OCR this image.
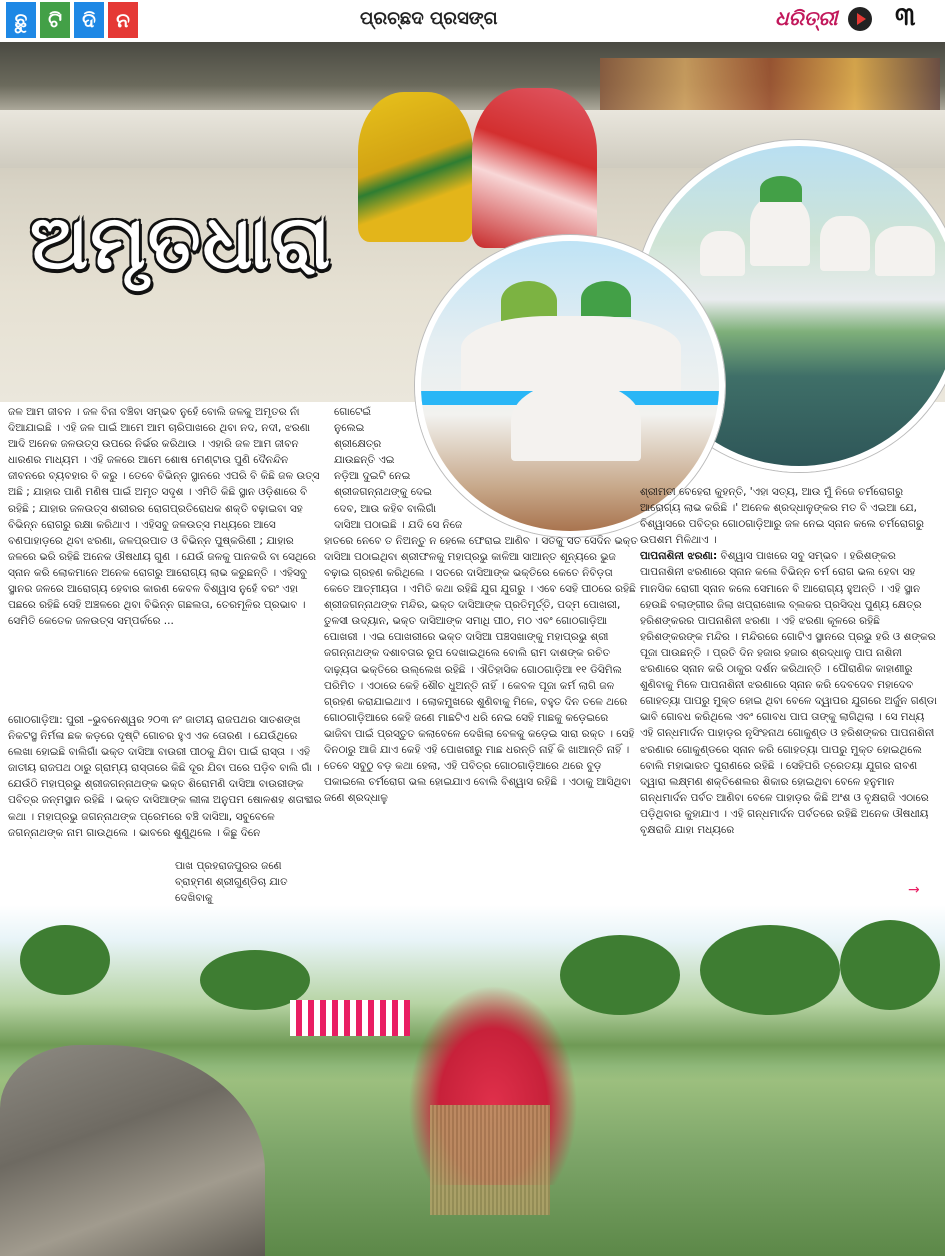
ଛୁ	ଟି	ଦି	ନ	ପ୍ରଚ୍ଛଦ ପ୍ରସଙ୍ଗ	ଧରିତ୍ରୀ ୩
ଅମୃତଧାରା

ଜଳ ଆମ ଜୀବନ । ଜଳ ବିନା ବଞ୍ଚିବା ସମ୍ଭବ ନୁହେଁ ବୋଲି ଜଳକୁ ଅମୃତର ନାଁ ଦିଆଯାଇଛି । ଏହି ଜଳ ପାଇଁ ଆମେ ଆମ ଚାରିପାଖରେ ଥିବା ନଦ, ନଦୀ, ଝରଣା ଆଦି ଅନେକ ଜଳଉତ୍ସ ଉପରେ ନିର୍ଭର କରିଥାଉ । ଏହାରି ଜଳ ଆମ ଜୀବନ ଧାରଣର ମାଧ୍ୟମ । ଏହି ଜଳରେ ଆମେ ଶୋଷ ମେଣ୍ଟାଉ ପୁଣି ଦୈନନ୍ଦିନ ଜୀବନରେ ବ୍ୟବହାର ବି କରୁ । ତେବେ ବିଭିନ୍ନ ସ୍ଥାନରେ ଏପରି ବି କିଛି ଜଳ ଉତ୍ସ ଅଛି ; ଯାହାର ପାଣି ମଣିଷ ପାଇଁ ଅମୃତ ସଦୃଶ । ଏମିତି କିଛି ସ୍ଥାନ ଓଡ଼ିଶାରେ ବି ରହିଛି ; ଯାହାର ଜଳଉତ୍ସ ଶରୀରର ରୋଗପ୍ରତିରୋଧକ ଶକ୍ତି ବଢ଼ାଇବା ସହ ବିଭିନ୍ନ ରୋଗରୁ ରକ୍ଷା କରିଥାଏ । ଏହିସବୁ ଜଳଉତ୍ସ ମଧ୍ୟରେ ଆସେ ବଣପାହାଡ଼ରେ ଥିବା ଝରଣା, ଜଳପ୍ରପାତ ଓ ବିଭିନ୍ନ ପୁଷ୍କରିଣୀ ; ଯାହାର ଜଳରେ ଭରି ରହିଛି ଅନେକ ଔଷଧୀୟ ଗୁଣ । ଯେଉଁ ଜଳକୁ ପାନକରି ବା ସେଥିରେ ସ୍ନାନ କରି ଲୋକମାନେ ଅନେକ ରୋଗରୁ ଆରୋଗ୍ୟ ଲାଭ କରୁଛନ୍ତି । ଏହିସବୁ ସ୍ଥାନର ଜଳରେ ଆରୋଗ୍ୟ ହେବାର କାରଣ କେବଳ ବିଶ୍ୱାସ ନୁହେଁ ବରଂ ଏହା ପଛରେ ରହିଛି ସେହି ଅଞ୍ଚଳରେ ଥିବା ବିଭିନ୍ନ ଗଛଲତା, ତେରମୂଳିର ପ୍ରଭାବ । ସେମିତି କେତେକ ଜଳଉତ୍ସ ସମ୍ପର୍କରେ ...

ଗୋଠଗାଡ଼ିଆ: ପୁରୀ –ଭୁବନେଶ୍ୱର ୨୦୩ ନଂ ଜାତୀୟ ରାଜପଥର ସାତଶଙ୍ଖ ନିକଟସ୍ଥ ନିର୍ମଳା ଛକ କଡ଼ରେ ଦୃଷ୍ଟି ଗୋଚର ହୁଏ ଏକ ତୋରଣ । ଯେଉଁଥିରେ ଲେଖା ହୋଇଛି ବାଲିଗାଁ ଭକ୍ତ ଦାସିଆ ବାଉରୀ ପୀଠକୁ ଯିବା ପାଇଁ ରାସ୍ତା । ଏହି ଜାତୀୟ ରାଜପଥ ଠାରୁ ଗ୍ରାମ୍ୟ ରାସ୍ତାରେ କିଛି ଦୂର ଯିବା ପରେ ପଡ଼ିବ ବାଲି ଗାଁ । ଯେଉଁଠି ମହାପ୍ରଭୁ ଶ୍ରୀଜଗନ୍ନାଥଙ୍କ ଭକ୍ତ ଶିରୋମଣି ଦାସିଆ ବାଉରୀଙ୍କ ପବିତ୍ର ଜନ୍ମସ୍ଥାନ ରହିଛି । ଭକ୍ତ ଦାସିଆଙ୍କ ଲୀଳା ଅନୁପମ ଷୋଳଶହ ଶତାବ୍ଦୀର କଥା । ମହାପ୍ରଭୁ ଜଗନ୍ନାଥଙ୍କ ପ୍ରେମରେ ବଞ୍ଚି ଦାସିଆ, ସବୁବେଳେ ଜଗନ୍ନାଥଙ୍କ ନାମ ଗାଉଥିଲେ । ଭାବରେ ଶୁଣୁଥିଲେ । କିଛୁ ଦିନେ

ପାଖ ପ୍ରହରାଜପୁରର ଜଣେ

ବ୍ରାହ୍ମଣ ଶ୍ରୀଗୁଣ୍ଡିଚା ଯାତ ଦେଖିବାକୁ

ଗୋଟେଇଁ

ନୁଲେଇ

ଶ୍ରୀକ୍ଷେତ୍ର

ଯାଉଛନ୍ତି ଏଇ

ନଡ଼ିଆ ଦୁଇଟି ନେଇ

ଶ୍ରୀଜଗନ୍ନାଥଙ୍କୁ ଦେଇ

ଦେବ, ଆଉ କହିବ ବାଲିଗାଁ

ଦାସିଆ ପଠାଇଛି । ଯଦି ସେ ନିଜେ

ହାତରେ ନେବେ ତ ନିଅନ୍ତୁ ନ ହେଲେ ଫେରାଇ ଆଣିବ । ସତକୁ ସତ ସେଦିନ ଭକ୍ତ ଦାସିଆ ପଠାଇଥିବା ଶ୍ରୀଫଳକୁ ମହାପ୍ରଭୁ କାଳିଆ ସାଆନ୍ତ ଶୂନ୍ୟରେ ଭୁଜ ବଢ଼ାଇ ଗ୍ରହଣ କରିଥିଲେ । ସତରେ ଦାସିଆଙ୍କ ଭକ୍ତିରେ କେତେ ନିବିଡ଼ତା କେତେ ଆତ୍ମୀୟତା । ଏମିତି କଥା ରହିଛି ଯୁଗ ଯୁଗରୁ । ଏବେ ସେହି ପୀଠରେ ରହିଛି ଶ୍ରୀଜଗନ୍ନାଥଙ୍କ ମନ୍ଦିର, ଭକ୍ତ ଦାସିଆଙ୍କ ପ୍ରତିମୂର୍ତ୍ତି, ପଦ୍ମ ପୋଖରୀ, ତୁଳସୀ ଉଦ୍ୟାନ, ଭକ୍ତ ଦାସିଆଙ୍କ ସମାଧି ପୀଠ, ମଠ ଏବଂ ଗୋଠଗାଡ଼ିଆ ପୋଖରୀ । ଏଇ ପୋଖରୀରେ ଭକ୍ତ ଦାସିଆ ପଞ୍ଚସଖାଙ୍କୁ ମହାପ୍ରଭୁ ଶ୍ରୀ ଜଗନ୍ନାଥଙ୍କ ଦଶାବତାର ରୂପ ଦେଖାଇଥିଲେ ବୋଲି ରାମ ଦାଶଙ୍କ ରଚିତ ଦାଢ଼୍ୟତା ଭକ୍ତିରେ ଉଲ୍ଲେଖ ରହିଛି । ଐତିହାସିକ ଗୋଠଗାଡ଼ିଆ ୧୧ ଡିସିମିଲ ପରିମିତ । ଏଠାରେ କେହି ଶୌଚ ଧୁଅନ୍ତି ନାହିଁ । କେବଳ ପୂଜା କର୍ମ ଲାଗି ଜଳ ଗ୍ରହଣ କରାଯାଇଥାଏ । ଲୋକମୁଖରେ ଶୁଣିବାକୁ ମିଳେ, ବହୁତ ଦିନ ତଳେ ଥରେ ଗୋଠଗାଡ଼ିଆରେ କେହି ଜଣେ ମାଛଟିଏ ଧରି ନେଇ ସେହି ମାଛକୁ କଡ଼େଇରେ ଭାଜିବା ପାଇଁ ପ୍ରସ୍ତୁତ କଲାବେଳେ ଦେଖିଲା ବେଳକୁ କଡ଼େଇ ସାରା ରକ୍ତ । ସେହି ଦିନଠାରୁ ଆଜି ଯାଏ କେହି ଏହି ପୋଖରୀରୁ ମାଛ ଧରନ୍ତି ନାହିଁ କି ଖାଆନ୍ତି ନାହିଁ । ତେବେ ସବୁଠୁ ବଡ଼ କଥା ହେଲା, ଏହି ପବିତ୍ର ଗୋଠଗାଡ଼ିଆରେ ଥରେ ବୁଡ଼ ପକାଇଲେ ଚର୍ମରୋଗ ଭଲ ହୋଇଯାଏ ବୋଲି ବିଶ୍ୱାସ ରହିଛି । ଏଠାକୁ ଆସିଥିବା ଜଣେ ଶ୍ରଦ୍ଧାଳୁ

ଶ୍ରୀମତୀ ବେହେରା କୁହନ୍ତି, 'ଏହା ସତ୍ୟ, ଆଉ ମୁଁ ନିଜେ ଚର୍ମରୋଗରୁ ଆରୋଗ୍ୟ ଲାଭ କରିଛି ।' ଅନେକ ଶ୍ରଦ୍ଧାଳୁଙ୍କର ମତ ବି ଏଇଆ ଯେ, ବିଶ୍ୱାସରେ ପବିତ୍ର ଗୋଠଗାଡ଼ିଆରୁ ଜଳ ନେଇ ସ୍ନାନ କଲେ ଚର୍ମରୋଗରୁ ଉପଶମ ମିଳିଥାଏ ।

ପାପନାଶିନୀ ଝରଣା: ବିଶ୍ୱାସ ପାଖରେ ସବୁ ସମ୍ଭବ । ହରିଶଙ୍କର ପାପନାଶିନୀ ଝରଣାରେ ସ୍ନାନ କଲେ ବିଭିନ୍ନ ଚର୍ମ ରୋଗ ଭଲ ହେବା ସହ ମାନସିକ ରୋଗୀ ସ୍ନାନ କଲେ ସେମାନେ ବି ଆରୋଗ୍ୟ ହୁଅନ୍ତି । ଏହି ସ୍ଥାନ ହେଉଛି ବଲାଙ୍ଗୀର ଜିଲା ଖପ୍ରାଖୋଲ ବ୍ଲକର ପ୍ରସିଦ୍ଧ ପୁଣ୍ୟ କ୍ଷେତ୍ର ହରିଶଙ୍କରର ପାପନାଶିନୀ ଝରଣା । ଏହି ଝରଣା କୂଳରେ ରହିଛି ହରିଶଙ୍କରଙ୍କ ମନ୍ଦିର । ମନ୍ଦିରରେ ଗୋଟିଏ ସ୍ଥାନରେ ପ୍ରଭୁ ହରି ଓ ଶଙ୍କର ପୂଜା ପାଉଛନ୍ତି । ପ୍ରତି ଦିନ ହଜାର ହଜାର ଶ୍ରଦ୍ଧାଳୁ ପାପ ନାଶିନୀ ଝରଣାରେ ସ୍ନାନ କରି ଠାକୁର ଦର୍ଶନ କରିଥାନ୍ତି । ପୌରାଣିକ କାହାଣୀରୁ ଶୁଣିବାକୁ ମିଳେ ପାପନାଶିନୀ ଝରଣାରେ ସ୍ନାନ କରି ଦେବଦେବ ମହାଦେବ ଗୋହତ୍ୟା ପାପରୁ ମୁକ୍ତ ହୋଇ ଥିବା ବେଳେ ଦ୍ୱାପର ଯୁଗରେ ଅର୍ଜୁନ ଗଣ୍ଡା ଭାବି ଗୋବଧ କରିଥିଲେ ଏବଂ ଗୋବଧ ପାପ ତାଙ୍କୁ ଲାଗିଥିଲା । ସେ ମଧ୍ୟ ଏହି ଗନ୍ଧମାର୍ଦନ ପାହାଡ଼ର ନୃସିଂହନାଥ ଗୋକୁଣ୍ଡ ଓ ହରିଶଙ୍କର ପାପନାଶିନୀ ଝରଣାର ଗୋକୁଣ୍ଡରେ ସ୍ନାନ କରି ଗୋହତ୍ୟା ପାପରୁ ମୁକ୍ତ ହୋଇଥିଲେ ବୋଲି ମହାଭାରତ ପୁରାଣରେ ରହିଛି । ସେହିପରି ତ୍ରେତୟା ଯୁଗର ରାବଣ ଦ୍ୱାରା ଲକ୍ଷ୍ମଣ ଶକ୍ତିଶେଲର ଶିକାର ହୋଇଥିବା ବେଳେ ହନୁମାନ ଗନ୍ଧମାର୍ଦନ ପର୍ବତ ଆଣିବା ବେଳେ ପାହାଡ଼ର କିଛି ଅଂଶ ଓ ବୃକ୍ଷରାଜି ଏଠାରେ ପଡ଼ିଥିବାର କୁହାଯାଏ । ଏହି ଗନ୍ଧମାର୍ଦନ ପର୍ବତରେ ରହିଛି ଅନେକ ଔଷଧୀୟ ବୃକ୍ଷରାଜି ଯାହା ମଧ୍ୟରେ

→
